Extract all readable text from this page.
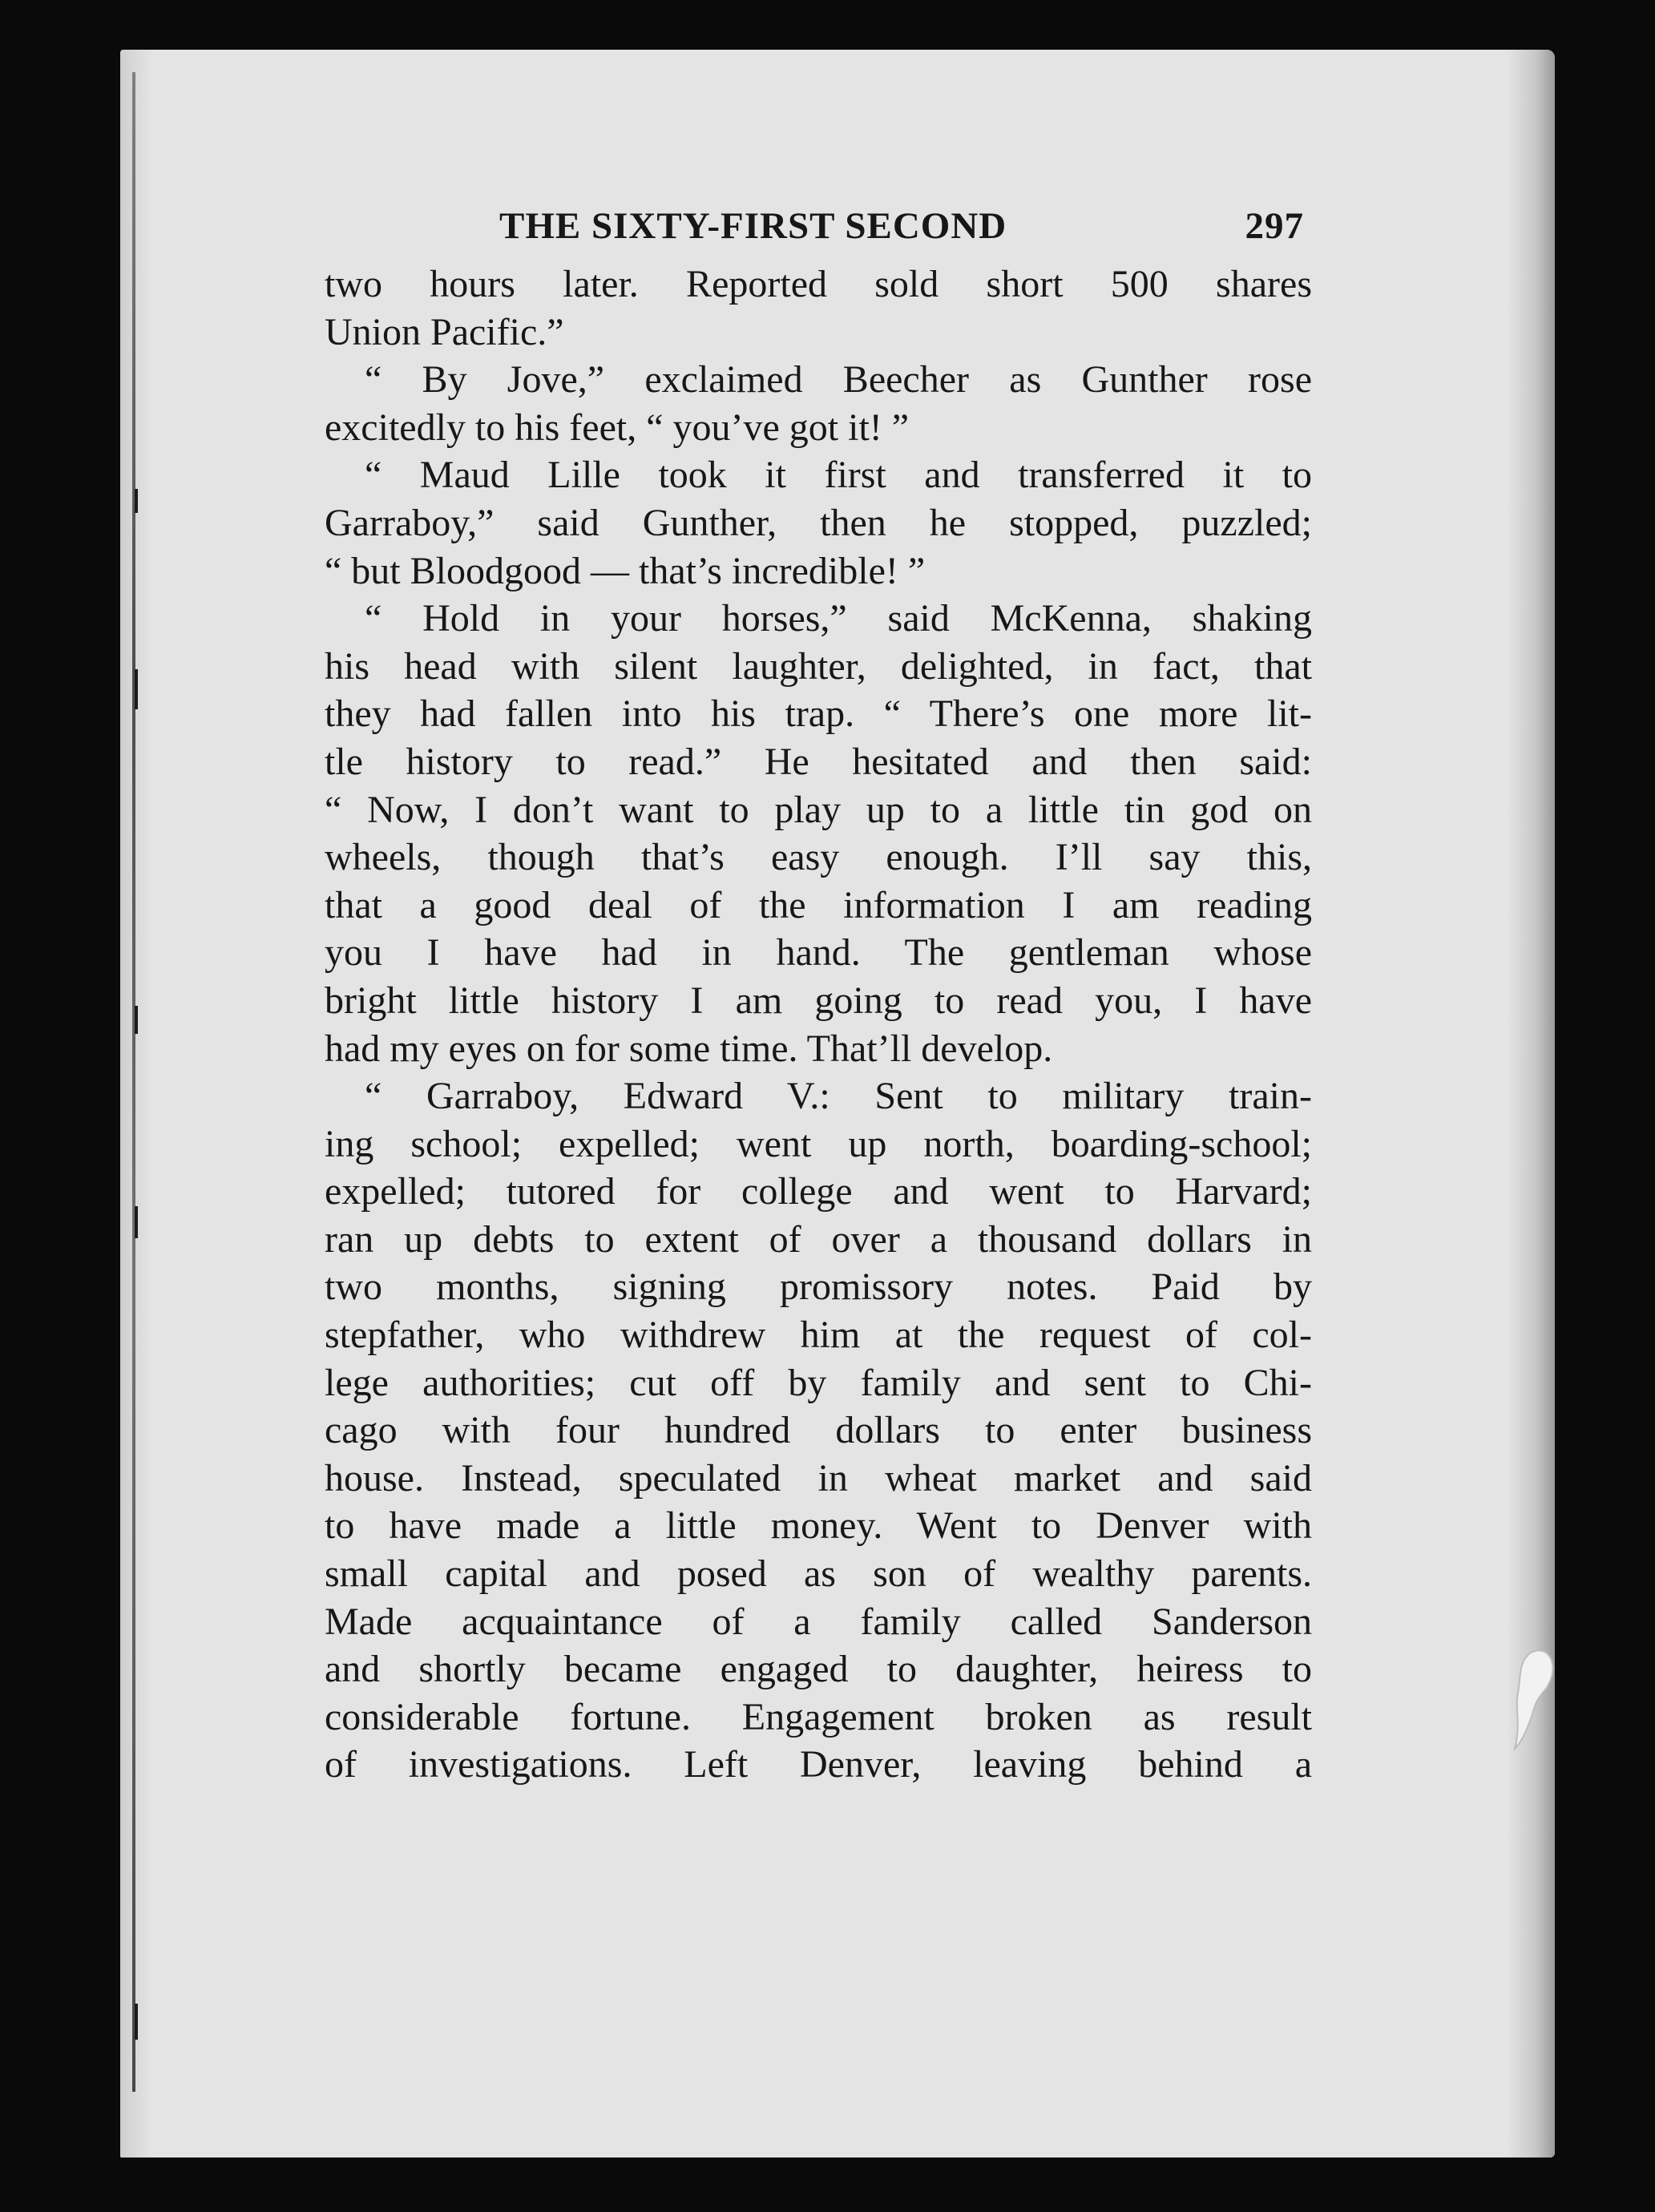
THE SIXTY-FIRST SECOND	297
two hours later. Reported sold short 500 shares
Union Pacific.”
“ By Jove,” exclaimed Beecher as Gunther rose
excitedly to his feet, “ you’ve got it! ”
“ Maud Lille took it first and transferred it to
Garraboy,” said Gunther, then he stopped, puzzled;
“ but Bloodgood — that’s incredible! ”
“ Hold in your horses,” said McKenna, shaking
his head with silent laughter, delighted, in fact, that
they had fallen into his trap. “ There’s one more lit-
tle history to read.” He hesitated and then said:
“ Now, I don’t want to play up to a little tin god on
wheels, though that’s easy enough. I’ll say this,
that a good deal of the information I am reading
you I have had in hand. The gentleman whose
bright little history I am going to read you, I have
had my eyes on for some time. That’ll develop.
“ Garraboy, Edward V.: Sent to military train-
ing school; expelled; went up north, boarding-school;
expelled; tutored for college and went to Harvard;
ran up debts to extent of over a thousand dollars in
two months, signing promissory notes. Paid by
stepfather, who withdrew him at the request of col-
lege authorities; cut off by family and sent to Chi-
cago with four hundred dollars to enter business
house. Instead, speculated in wheat market and said
to have made a little money. Went to Denver with
small capital and posed as son of wealthy parents.
Made acquaintance of a family called Sanderson
and shortly became engaged to daughter, heiress to
considerable fortune. Engagement broken as result
of investigations. Left Denver, leaving behind a
